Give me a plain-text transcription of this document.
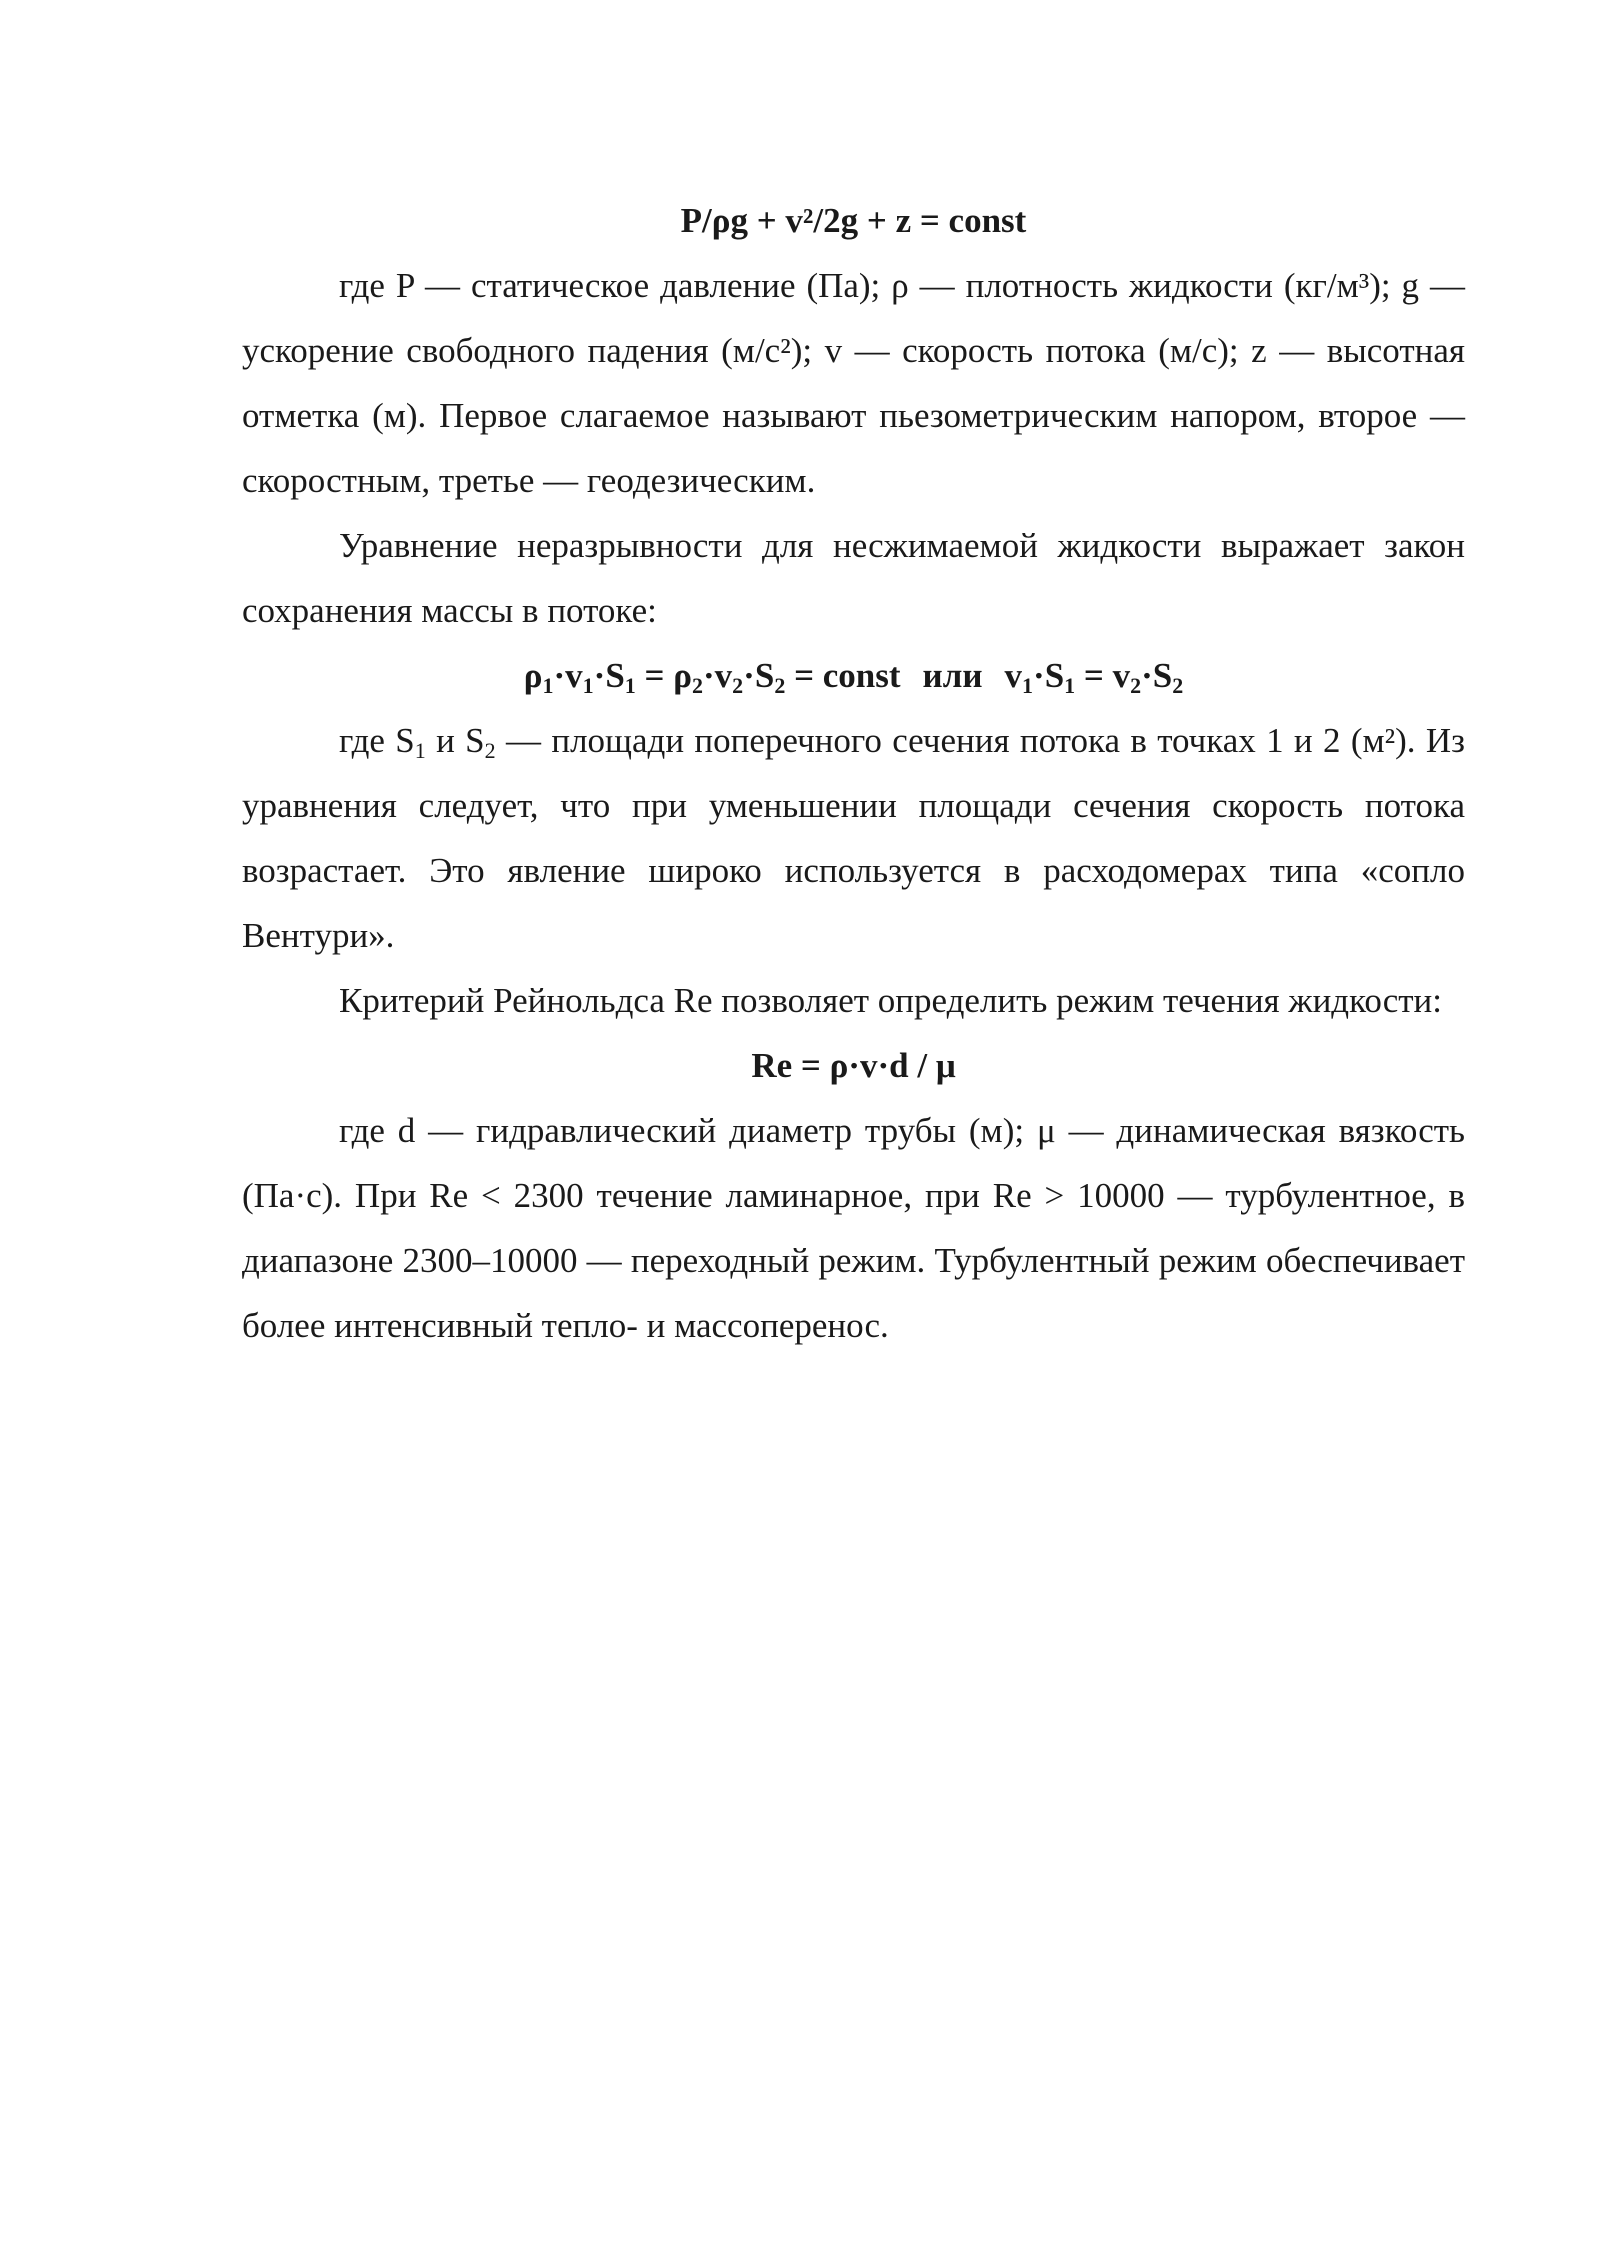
P/ρg + v²/2g + z = const

где P — статическое давление (Па); ρ — плотность жидкости (кг/м³); g — ускорение свободного падения (м/с²); v — скорость потока (м/с); z — высотная отметка (м). Первое слагаемое называют пьезометрическим напором, второе — скоростным, третье — геодезическим.

Уравнение неразрывности для несжимаемой жидкости выражает закон сохранения массы в потоке:

$\rho_1\cdot v_1\cdot S_1 = \rho_2\cdot v_2\cdot S_2$ = const или $v_1\cdot S_1 = v_2\cdot S_2$

где $S_1$ и $S_2$ — площади поперечного сечения потока в точках 1 и 2 (м²). Из уравнения следует, что при уменьшении площади сечения скорость потока возрастает. Это явление широко используется в расходомерах типа «сопло Вентури».

Критерий Рейнольдса Re позволяет определить режим течения жидкости:

Re = ρ·v·d / μ

где d — гидравлический диаметр трубы (м); μ — динамическая вязкость (Па·с). При Re < 2300 течение ламинарное, при Re > 10000 — турбулентное, в диапазоне 2300–10000 — переходный режим. Турбулентный режим обеспечивает более интенсивный тепло- и массоперенос.
